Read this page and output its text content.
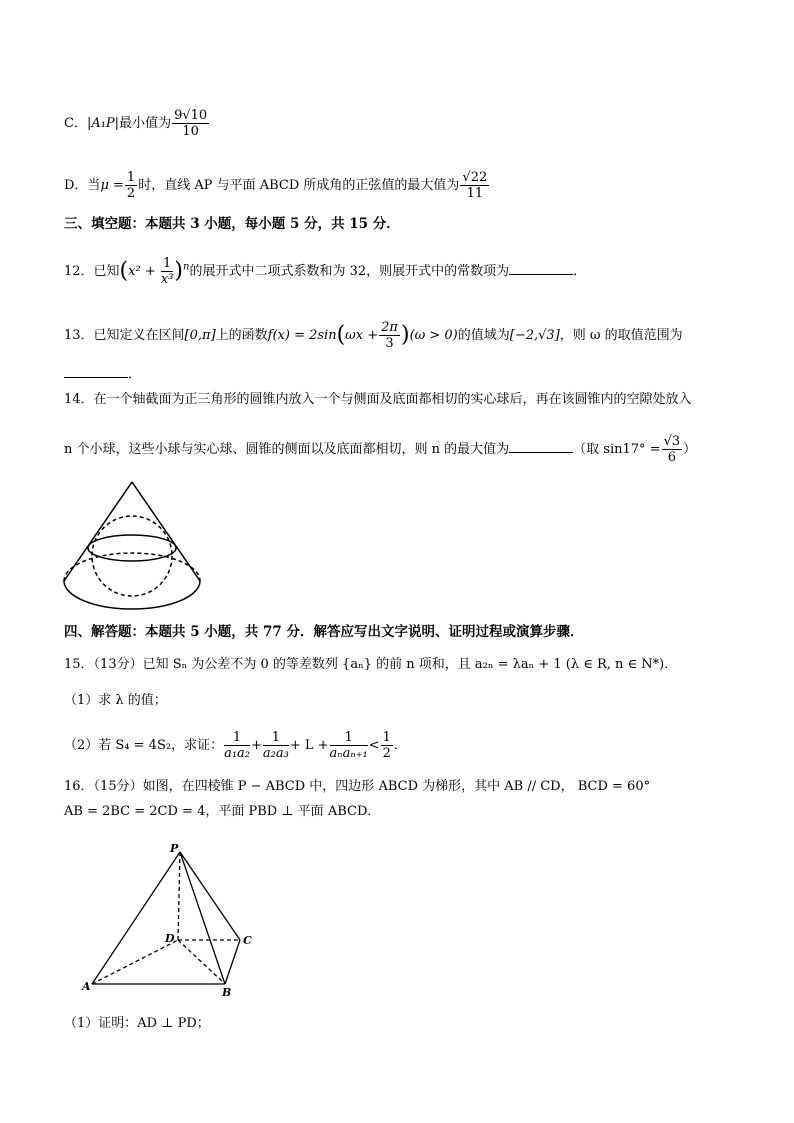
C．|A₁P|最小值为 $\frac{9√10}{10}$
D．当$\mu = \frac{1}{2}$ 时，直线 AP 与平面 ABCD 所成角的正弦值的最大值为 $\frac{√22}{11}$
三、填空题：本题共 3 小题，每小题 5 分，共 15 分．
12．已知$(x^2 + \frac{1}{\text{x³}} )^n$的展开式中二项式系数和为 32，则展开式中的常数项为	．
13．已知定义在区间[0,π]上的函数$f(x) = 2\sin(\omega x + \frac{2\pi}{3} )(\omega > 0)$的值域为[−2,√3]，则 ω 的取值范围为
．
14．在一个轴截面为正三角形的圆锥内放入一个与侧面及底面都相切的实心球后，再在该圆锥内的空隙处放入
n 个小球，这些小球与实心球、圆锥的侧面以及底面都相切，则 n 的最大值为	（取 $\sin 17^\circ = \frac{√3}{6}$ ）
四、解答题：本题共 5 小题，共 77 分．解答应写出文字说明、证明过程或演算步骤．
15．（13分）已知 Sₙ 为公差不为 0 的等差数列 {aₙ} 的前 n 项和，且 a₂ₙ = λaₙ + 1 (λ ∈ R, n ∈ N*)．
（1）求 λ 的值；
（2）若 S₄ = 4S₂，求证： $\frac{1}{\text{a₁a₂}} + \frac{1}{\text{a₂a₃}} + L + \frac{1}{\text{aₙaₙ₊₁}} < \frac{1}{2}$ ．
16．（15分）如图，在四棱锥 P − ABCD 中，四边形 ABCD 为梯形，其中 AB // CD， BCD = 60°
AB = 2BC = 2CD = 4，平面 PBD ⊥ 平面 ABCD．
P
A	B
C
D
（1）证明：AD ⊥ PD；
